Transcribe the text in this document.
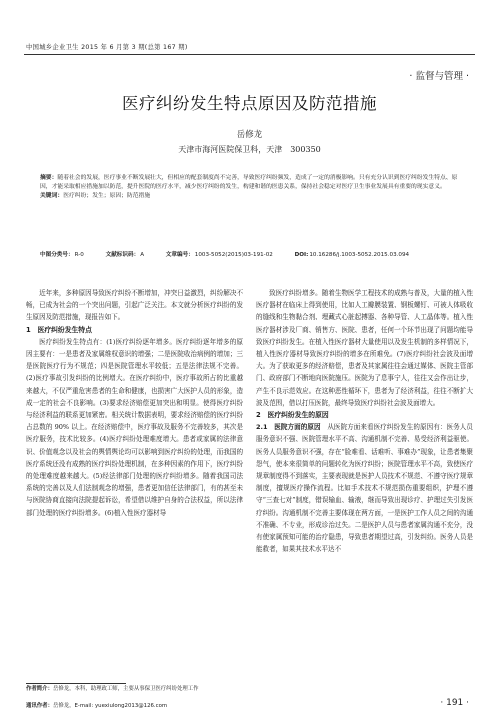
中国城乡企业卫生 2015 年 6 月第 3 期(总第 167 期)
· 监督与管理 ·
医疗纠纷发生特点原因及防范措施
岳修龙
天津市海河医院保卫科，天津　300350
摘要：随着社会的发展，医疗事业不断发展壮大，但相应的配套制度尚不完善，导致医疗纠纷频发，造成了一定的消极影响。只有充分认识到医疗纠纷发生特点、原因，才能采取相应措施加以防范，提升医院的医疗水平，减少医疗纠纷的发生，构建和谐的医患关系，保持社会稳定对医疗卫生事业发展具有重要的现实意义。
关键词：医疗纠纷；发生；原因；防范措施
中图分类号：R-0	文献标识码：A	文章编号：1003-5052(2015)03-191-02	DOI:10.16286/j.1003-5052.2015.03.094

近年来，多种原因导致医疗纠纷不断增加，冲突日益激烈，纠纷解决不畅，已成为社会的一个突出问题，引起广泛关注。本文就分析医疗纠纷的发生原因及防范措施，现报告如下。

1　医疗纠纷发生特点

医疗纠纷发生特点有：(1)医疗纠纷逐年增多。医疗纠纷逐年增多的原因主要有：一是患者及家属维权意识的增强；二是医院收治病例的增加；三是医院医疗行为不规范；四是医院管理水平较低；五是法律法规不完善。(2)医疗事故引发纠纷的比例增大。在医疗纠纷中，医疗事故所占的比重越来越大，不仅严重危害患者的生命和健康，也损害广大医护人员的形象，造成一定的社会不良影响。(3)要求经济赔偿更加突出和明显。使得医疗纠纷与经济利益的联系更加紧密。相关统计数据表明，要求经济赔偿的医疗纠纷占总数的 90% 以上。在经济赔偿中，医疗事故及服务不完善较多，其次是医疗服务，技术比较多。(4)医疗纠纷处理难度增大。患者或家属的法律意识、价值观念以及社会的舆情舆论均可以影响到医疗纠纷的处理，而我国的医疗系统还没有成熟的医疗纠纷处理机制，在多种因素的作用下，医疗纠纷的处理难度越来越大。(5)经法律部门处理的医疗纠纷增多。随着我国司法系统的完善以及人们法制观念的增强，患者更加信任法律部门，有的甚至未与医院协商直接向法院提起诉讼，希望借以维护自身的合法权益，所以法律部门处理的医疗纠纷增多。(6)植入性医疗器材导

致医疗纠纷增多。随着生物医学工程技术的成熟与普及，大量的植入性医疗器材在临床上得到使用，比如人工瓣膜装置、钢板螺钉、可被人体吸收的缝线和生物黏合剂、埋藏式心脏起搏器、各种导管、人工晶体等。植入性医疗器材涉及厂商、销售方、医院、患者，任何一个环节出现了问题均能导致医疗纠纷发生。在植入性医疗器材大量使用以及发生机制的多样情况下，植入性医疗器材导致医疗纠纷的增多在所难免。(7)医疗纠纷社会波及面增大。为了获取更多的经济赔偿，患者及其家属往往会通过媒体、医院主管部门、政府部门不断地向医院施压。医院为了息事宁人，往往又会作出让步，产生不良示范效应。在这种恶性循环下，患者为了经济利益，往往不断扩大波及范围，借以打压医院，最终导致医疗纠纷社会波及面增大。

2　医疗纠纷发生的原因

2.1　医院方面的原因　 从医院方面来看医疗纠纷发生的原因有：医务人员服务意识不强、医院管理水平不高、沟通机制不完善、易受经济利益驱使。医务人员服务意识不强，存在“脸难看、话难听、事难办”现象，让患者集聚怨气，使本来很简单的问题转化为医疗纠纷；医院管理水平不高，致使医疗规章制度得不到落实，主要表现就是医护人员技术不规范、不遵守医疗规章制度，擅规医疗操作流程。比如手术技术不规范损伤重要组织，护理不遵守“三查七对”制度，错误输血、输液，继而导致出现诊疗、护理过失引发医疗纠纷。沟通机制不完善主要体现在两方面，一是医护工作人员之间的沟通不准确、不专业，形成诊治过失。二是医护人员与患者家属沟通不充分，没有使家属预知可能的治疗隐患，导致患者期望过高，引发纠纷。医务人员是能救者，如果其技术水平达不

作者简介：岳修龙，本科，助理政工师，主要从事保卫医疗纠纷处理工作
通讯作者：岳修龙，E-mail: yuexiulong2013@126.com	· 191 ·
